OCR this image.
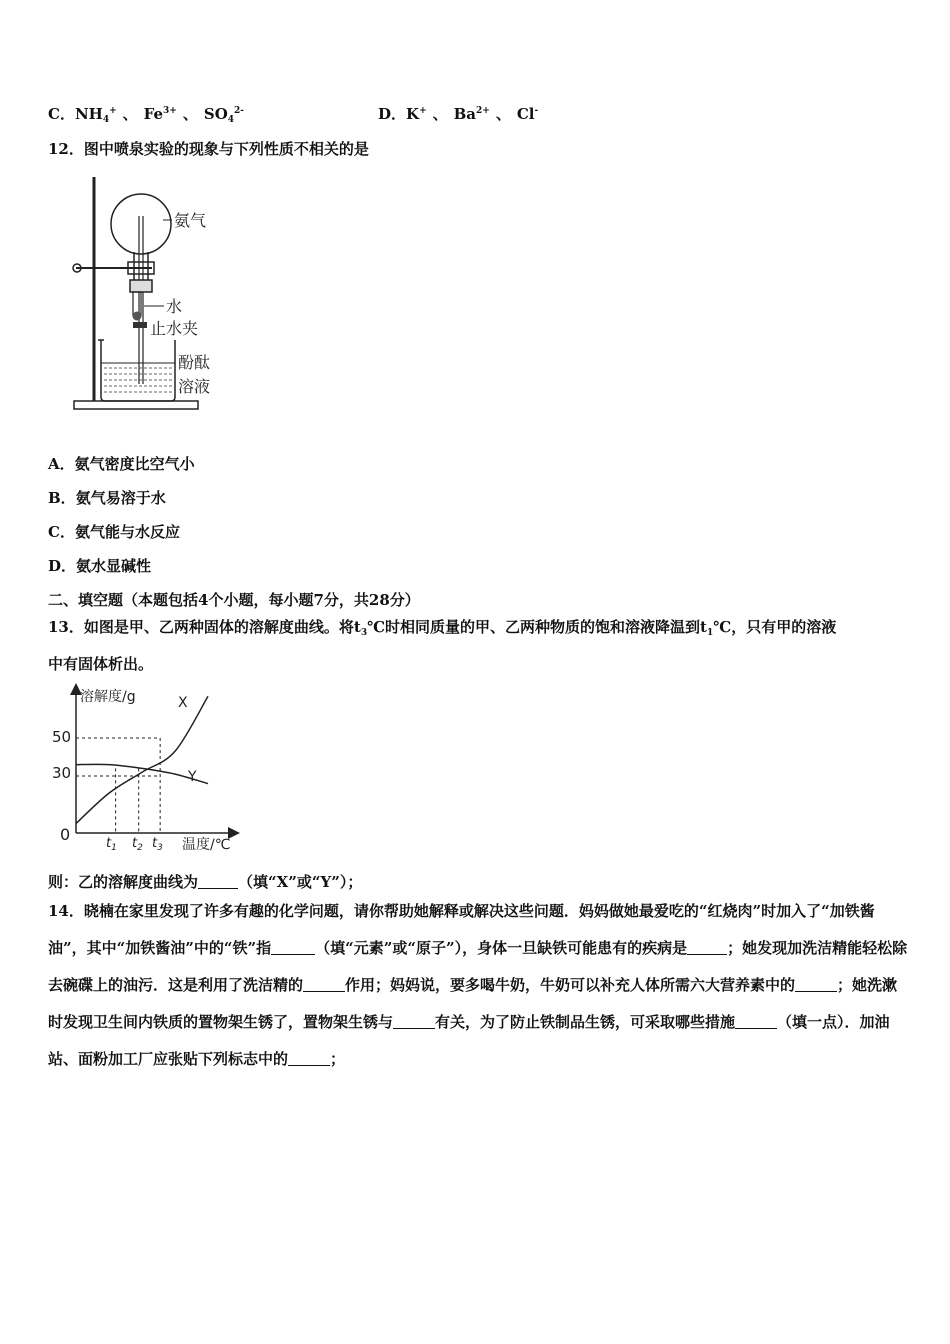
C．$NH_4^+$ 、 $Fe^{3+}$ 、 $SO_4^{2-}$	D．K+ 、 $Ba^{2+}$ 、 Cl-
12．图中喷泉实验的现象与下列性质不相关的是
氨气
水
止水夹
酚酞
溶液
A．氨气密度比空气小
B．氨气易溶于水
C．氨气能与水反应
D．氨水显碱性
二、填空题（本题包括4个小题，每小题7分，共28分）
13．如图是甲、乙两种固体的溶解度曲线。将$t_3℃$时相同质量的甲、乙两种物质的饱和溶液降温到$t_1℃$，只有甲的溶液
中有固体析出。
溶解度/g
温度/℃
0
30
50
$t_1$ $t_2$ $t_3$
X
Y
则：乙的溶解度曲线为	（填“X”或“Y”）；
14．晓楠在家里发现了许多有趣的化学问题，请你帮助她解释或解决这些问题．妈妈做她最爱吃的“红烧肉”时加入了“加铁酱油”，其中“加铁酱油”中的“铁”指	（填“元素”或“原子”），身体一旦缺铁可能患有的疾病是	；她发现加洗洁精能轻松除去碗碟上的油污．这是利用了洗洁精的	作用；妈妈说，要多喝牛奶，牛奶可以补充人体所需六大营养素中的	；她洗漱时发现卫生间内铁质的置物架生锈了，置物架生锈与	有关，为了防止铁制品生锈，可采取哪些措施	（填一点）．加油站、面粉加工厂应张贴下列标志中的	；
